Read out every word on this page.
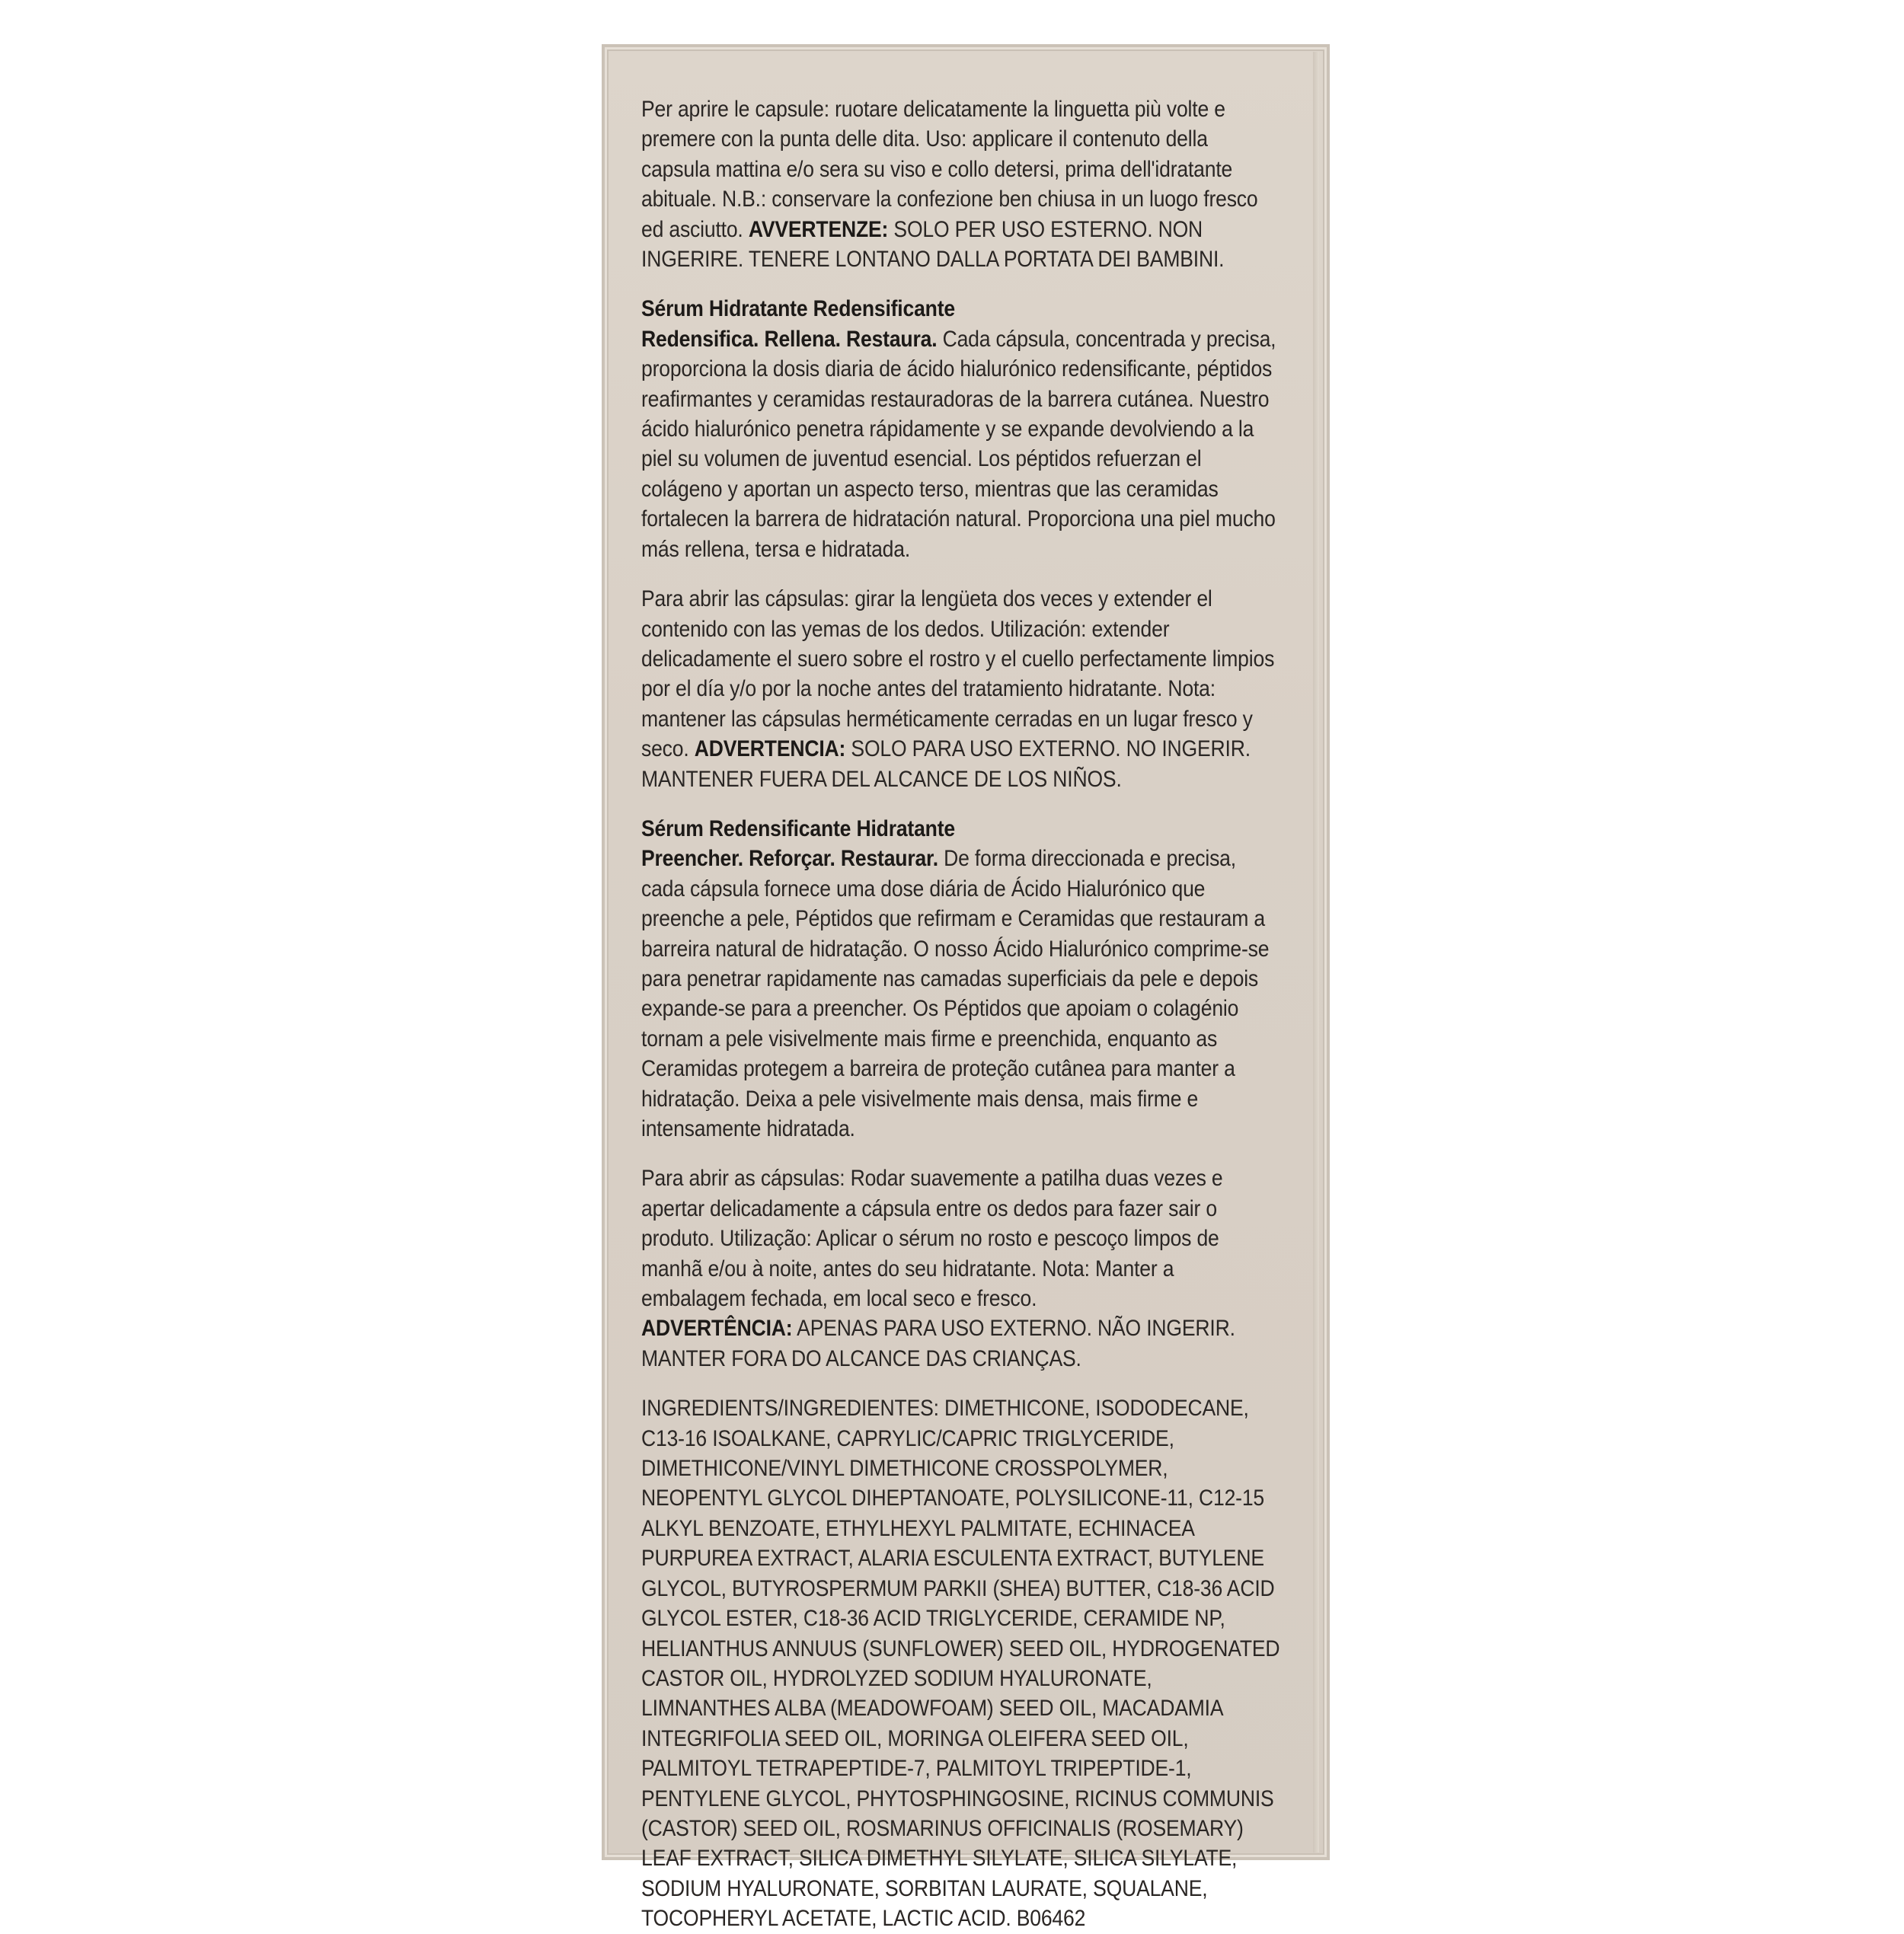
Per aprire le capsule: ruotare delicatamente la linguetta più volte e premere con la punta delle dita. Uso: applicare il contenuto della capsula mattina e/o sera su viso e collo detersi, prima dell'idratante abituale. N.B.: conservare la confezione ben chiusa in un luogo fresco ed asciutto. AVVERTENZE: SOLO PER USO ESTERNO. NON INGERIRE. TENERE LONTANO DALLA PORTATA DEI BAMBINI.

Sérum Hidratante Redensificante
Redensifica. Rellena. Restaura. Cada cápsula, concentrada y precisa, proporciona la dosis diaria de ácido hialurónico redensificante, péptidos reafirmantes y ceramidas restauradoras de la barrera cutánea. Nuestro ácido hialurónico penetra rápidamente y se expande devolviendo a la piel su volumen de juventud esencial. Los péptidos refuerzan el colágeno y aportan un aspecto terso, mientras que las ceramidas fortalecen la barrera de hidratación natural. Proporciona una piel mucho más rellena, tersa e hidratada.

Para abrir las cápsulas: girar la lengüeta dos veces y extender el contenido con las yemas de los dedos. Utilización: extender delicadamente el suero sobre el rostro y el cuello perfectamente limpios por el día y/o por la noche antes del tratamiento hidratante. Nota: mantener las cápsulas herméticamente cerradas en un lugar fresco y seco. ADVERTENCIA: SOLO PARA USO EXTERNO. NO INGERIR. MANTENER FUERA DEL ALCANCE DE LOS NIÑOS.

Sérum Redensificante Hidratante
Preencher. Reforçar. Restaurar. De forma direccionada e precisa, cada cápsula fornece uma dose diária de Ácido Hialurónico que preenche a pele, Péptidos que refirmam e Ceramidas que restauram a barreira natural de hidratação. O nosso Ácido Hialurónico comprime-se para penetrar rapidamente nas camadas superficiais da pele e depois expande-se para a preencher. Os Péptidos que apoiam o colagénio tornam a pele visivelmente mais firme e preenchida, enquanto as Ceramidas protegem a barreira de proteção cutânea para manter a hidratação. Deixa a pele visivelmente mais densa, mais firme e intensamente hidratada.

Para abrir as cápsulas: Rodar suavemente a patilha duas vezes e apertar delicadamente a cápsula entre os dedos para fazer sair o produto. Utilização: Aplicar o sérum no rosto e pescoço limpos de manhã e/ou à noite, antes do seu hidratante. Nota: Manter a embalagem fechada, em local seco e fresco.
ADVERTÊNCIA: APENAS PARA USO EXTERNO. NÃO INGERIR. MANTER FORA DO ALCANCE DAS CRIANÇAS.

INGREDIENTS/INGREDIENTES: DIMETHICONE, ISODODECANE, C13-16 ISOALKANE, CAPRYLIC/CAPRIC TRIGLYCERIDE, DIMETHICONE/VINYL DIMETHICONE CROSSPOLYMER, NEOPENTYL GLYCOL DIHEPTANOATE, POLYSILICONE-11, C12-15 ALKYL BENZOATE, ETHYLHEXYL PALMITATE, ECHINACEA PURPUREA EXTRACT, ALARIA ESCULENTA EXTRACT, BUTYLENE GLYCOL, BUTYROSPERMUM PARKII (SHEA) BUTTER, C18-36 ACID GLYCOL ESTER, C18-36 ACID TRIGLYCERIDE, CERAMIDE NP, HELIANTHUS ANNUUS (SUNFLOWER) SEED OIL, HYDROGENATED CASTOR OIL, HYDROLYZED SODIUM HYALURONATE, LIMNANTHES ALBA (MEADOWFOAM) SEED OIL, MACADAMIA INTEGRIFOLIA SEED OIL, MORINGA OLEIFERA SEED OIL, PALMITOYL TETRAPEPTIDE-7, PALMITOYL TRIPEPTIDE-1, PENTYLENE GLYCOL, PHYTOSPHINGOSINE, RICINUS COMMUNIS (CASTOR) SEED OIL, ROSMARINUS OFFICINALIS (ROSEMARY) LEAF EXTRACT, SILICA DIMETHYL SILYLATE, SILICA SILYLATE, SODIUM HYALURONATE, SORBITAN LAURATE, SQUALANE, TOCOPHERYL ACETATE, LACTIC ACID. B06462
